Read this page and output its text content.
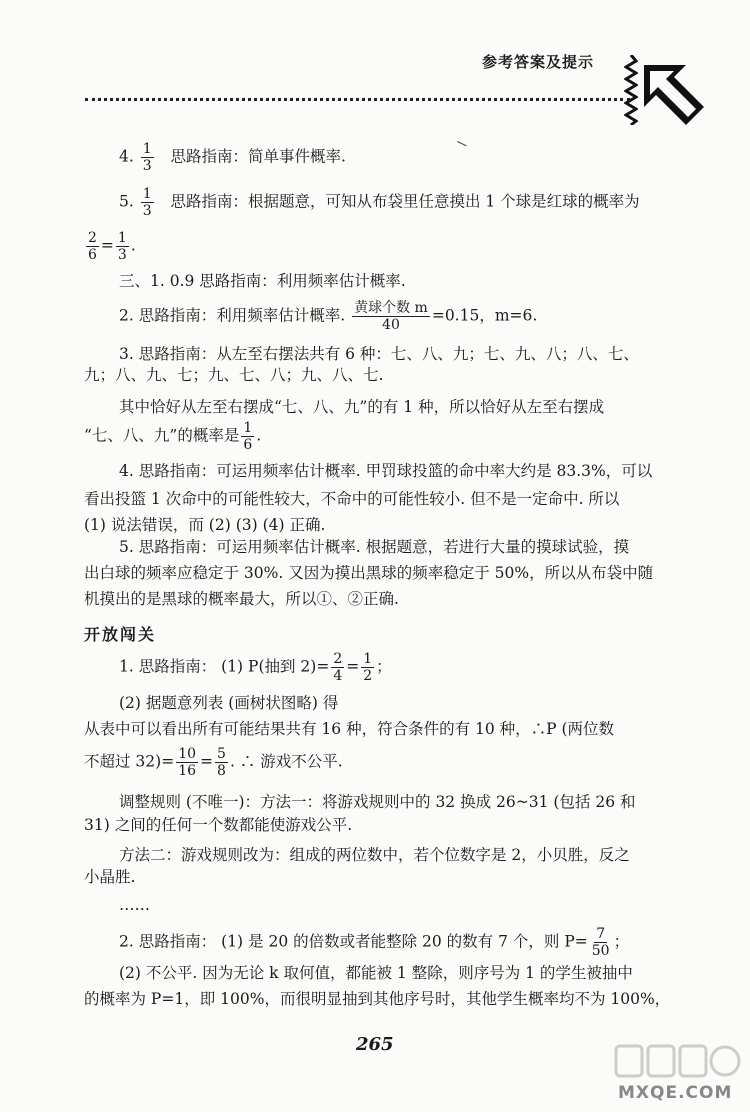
参考答案及提示
4. $\frac{1}{3}$ 思路指南：简单事件概率.
5. $\frac{1}{3}$ 思路指南：根据题意，可知从布袋里任意摸出 1 个球是红球的概率为
$\frac{2}{6} = \frac{1}{3}$ .
三、1. 0.9 思路指南：利用频率估计概率.
2. 思路指南：利用频率估计概率. $\frac{\text{黄球个数 m}}{40} =0.15$，m=6.
3. 思路指南：从左至右摆法共有 6 种：七、八、九；七、九、八；八、七、
九；八、九、七；九、七、八；九、八、七.
其中恰好从左至右摆成“七、八、九”的有 1 种，所以恰好从左至右摆成
“七、八、九”的概率是 $\frac{1}{6}$ .
4. 思路指南：可运用频率估计概率. 甲罚球投篮的命中率大约是 83.3%，可以
看出投篮 1 次命中的可能性较大，不命中的可能性较小. 但不是一定命中. 所以
(1) 说法错误，而 (2) (3) (4) 正确.
5. 思路指南：可运用频率估计概率. 根据题意，若进行大量的摸球试验，摸
出白球的频率应稳定于 30%. 又因为摸出黑球的频率稳定于 50%，所以从布袋中随
机摸出的是黑球的概率最大，所以①、②正确.
开放闯关
1. 思路指南： (1) P(抽到 $2)= \frac{2}{4} = \frac{1}{2}$ ；
(2) 据题意列表 (画树状图略) 得
从表中可以看出所有可能结果共有 16 种，符合条件的有 10 种，∴P (两位数
不超过 $32)= \frac{10}{16} = \frac{5}{8}$ . ∴ 游戏不公平.
调整规则 (不唯一)：方法一：将游戏规则中的 32 换成 26~31 (包括 26 和
31) 之间的任何一个数都能使游戏公平.
方法二：游戏规则改为：组成的两位数中，若个位数字是 2，小贝胜，反之
小晶胜.
……
2. 思路指南： (1) 是 20 的倍数或者能整除 20 的数有 7 个，则 $P= \frac{7}{50}$ ；
(2) 不公平. 因为无论 k 取何值，都能被 1 整除，则序号为 1 的学生被抽中
的概率为 P=1，即 100%，而很明显抽到其他序号时，其他学生概率均不为 100%，
265
MXQE.COM
